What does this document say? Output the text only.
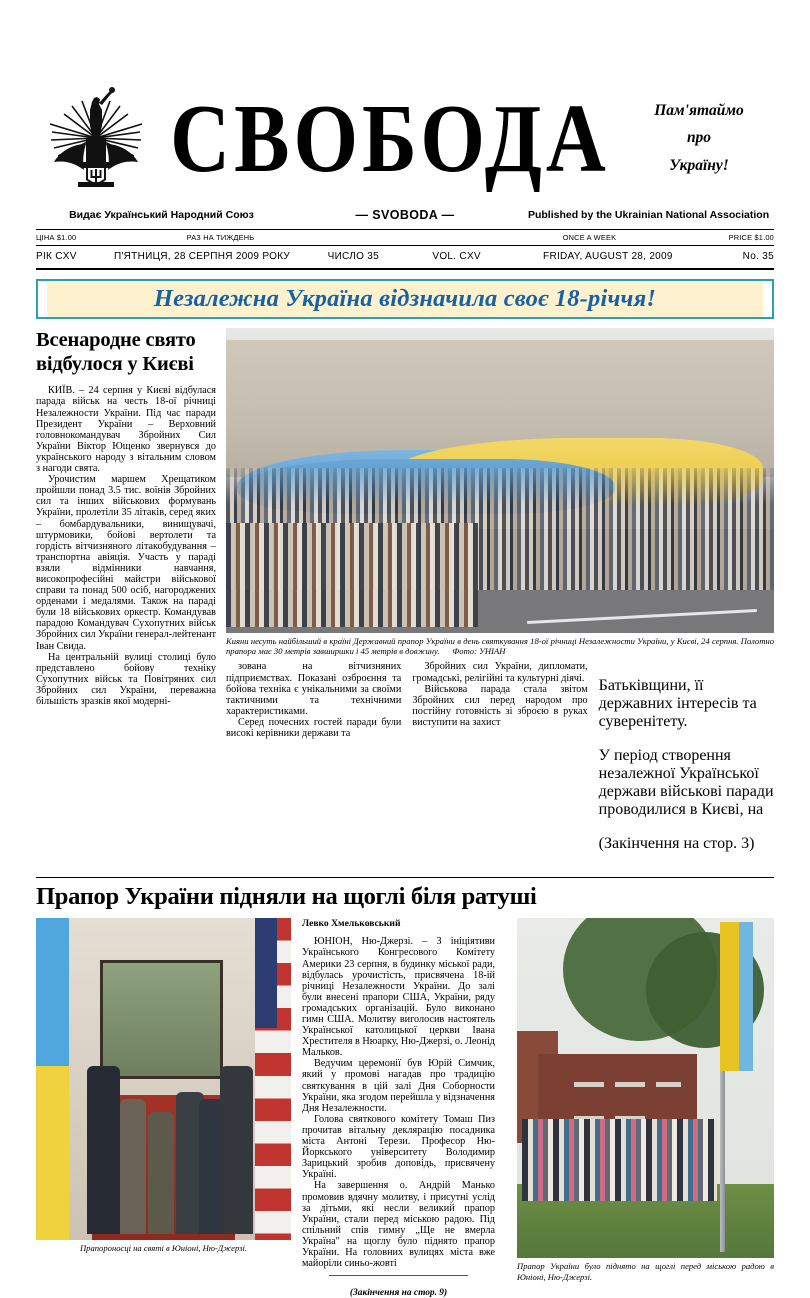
СВОБОДА	Пам'ятаймо
про
Україну!
Видає Український Народний Союз	— SVOBODA —	Published by the Ukrainian National Association
ЦІНА $1.00	РАЗ НА ТИЖДЕНЬ	ONCE A WEEK	PRICE $1.00
РІК CXV	П'ЯТНИЦЯ, 28 СЕРПНЯ 2009 РОКУ	ЧИСЛО 35	VOL. CXV	FRIDAY, AUGUST 28, 2009	No. 35
Незалежна Україна відзначила своє 18-річчя!
Всенародне свято відбулося у Києві

КИЇВ. – 24 серпня у Києві відбулася парада військ на честь 18-ої річниці Незалежности України. Під час паради Президент України – Верховний головнокомандувач Збройних Сил України Віктор Ющенко звернувся до українського народу з вітальним словом з нагоди свята.

Урочистим маршем Хрещатиком пройшли понад 3.5 тис. воїнів Збройних сил та інших військових формувань України, пролетіли 35 літаків, серед яких – бомбардувальники, винищувачі, штурмовики, бойові вертолети та гордість вітчизняного літакобудування – транспортна авіяція. Участь у параді взяли відмінники навчання, високопрофесійні майстри військової справи та понад 500 осіб, нагороджених орденами і медалями. Також на параді були 18 військових оркестр. Командував парадою Командувач Сухопутних військ Збройних сил України генерал-лейтенант Іван Свида.

На центральній вулиці столиці було представлено бойову техніку Сухопутних військ та Повітряних сил Збройних сил України, переважна більшість зразків якої модерні-

Кияни несуть найбільший в країні Державний прапор України в день святкування 18-ої річниці Незалежности України, у Києві, 24 серпня. Полотно прапора має 30 метрів завширшки і 45 метрів в довжину. Фото: УНІАН

зована на вітчизняних підприємствах. Показані озброєння та бойова техніка є унікальними за своїми тактичними та технічними характеристиками.

Серед почесних гостей паради були високі керівники держави та

Збройних сил України, дипломати, громадські, релігійні та культурні діячі.

Військова парада стала звітом Збройних сил перед народом про постійну готовність зі зброєю в руках виступити на захист

Батьківщини, її державних інтересів та суверенітету.

У період створення незалежної Української держави військові паради проводилися в Києві, на

(Закінчення на стор. 3)

Прапор України підняли на щоглі біля ратуші
Прапороносці на святі в Юніоні, Ню-Джерзі.
Левко Хмельковський

ЮНІОН, Ню-Джерзі. – З ініціятиви Українського Конгресового Комітету Америки 23 серпня, в будинку міської ради, відбулась урочистість, присвячена 18-ій річниці Незалежности України. До залі були внесені прапори США, України, ряду громадських організацій. Було виконано гимн США. Молитву виголосив настоятель Української католицької церкви Івана Хрестителя в Нюарку, Ню-Джерзі, о. Леонід Мальков.

Ведучим церемонії був Юрій Симчик, який у промові нагадав про традицію святкування в цій залі Дня Соборности України, яка згодом перейшла у відзначення Дня Незалежности.

Голова святкового комітету Томаш Пиз прочитав вітальну деклярацію посадника міста Антоні Терези. Професор Ню-Йоркського університету Володимир Зарицький зробив доповідь, присвячену Україні.

На завершення о. Андрій Манько промовив вдячну молитву, і присутні услід за дітьми, які несли великий прапор України, стали перед міською радою. Під спільний спів гимну „Ще не вмерла Україна" на щоглу було піднято прапор України. На головних вулицях міста вже майоріли синьо-жовті

(Закінчення на стор. 9)
Прапор України було піднято на щоглі перед міською радою в Юніоні, Ню-Джерзі.
